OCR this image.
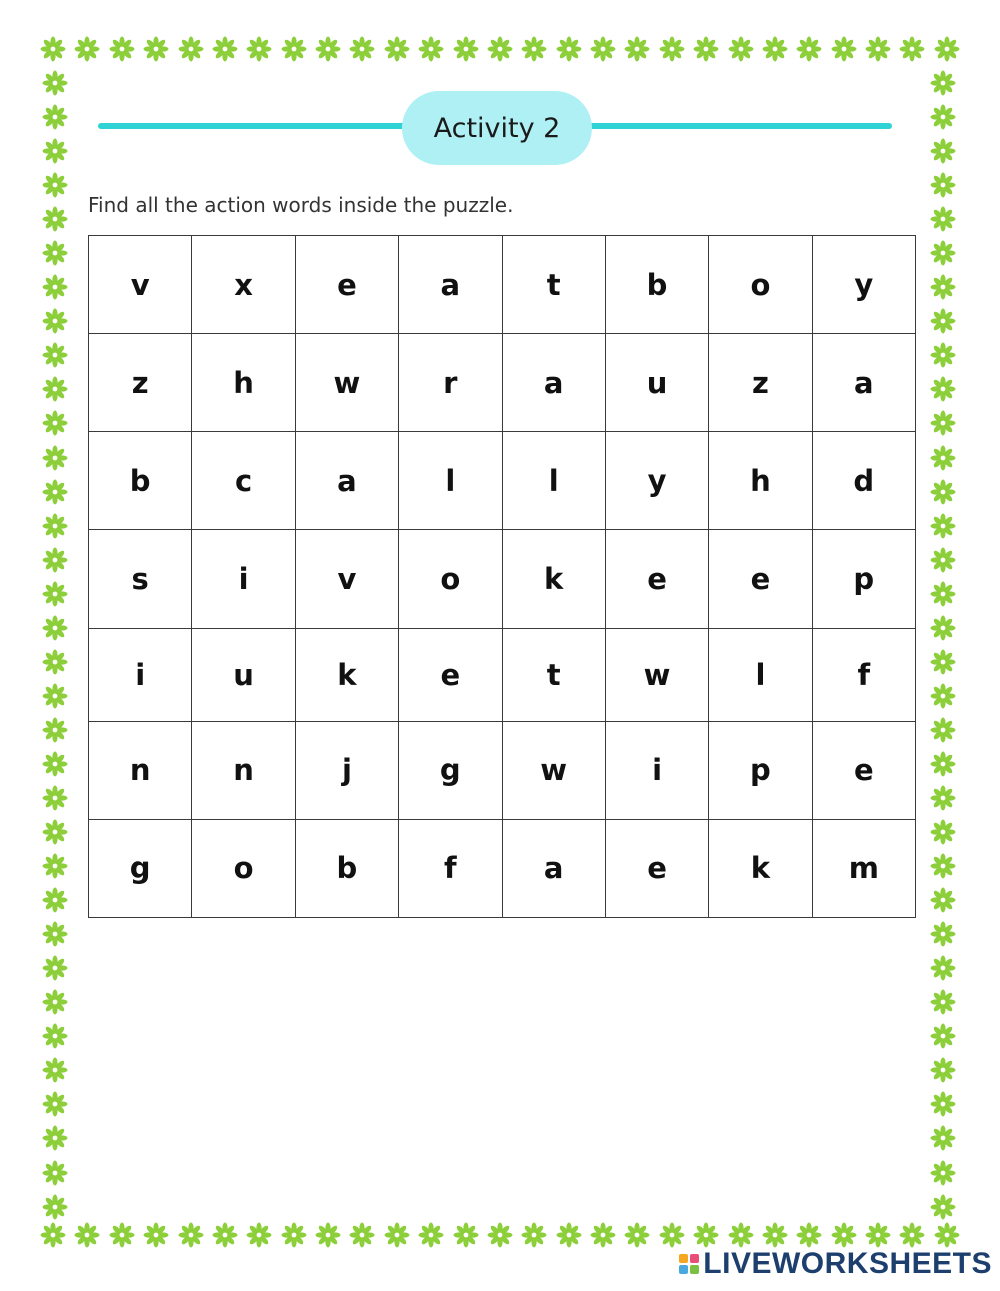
Activity 2
Find all the action words inside the puzzle.
v	x	e	a	t	b	o	y
z	h	w	r	a	u	z	a
b	c	a	l	l	y	h	d
s	i	v	o	k	e	e	p
i	u	k	e	t	w	l	f
n	n	j	g	w	i	p	e
g	o	b	f	a	e	k	m
LIVEWORKSHEETS
